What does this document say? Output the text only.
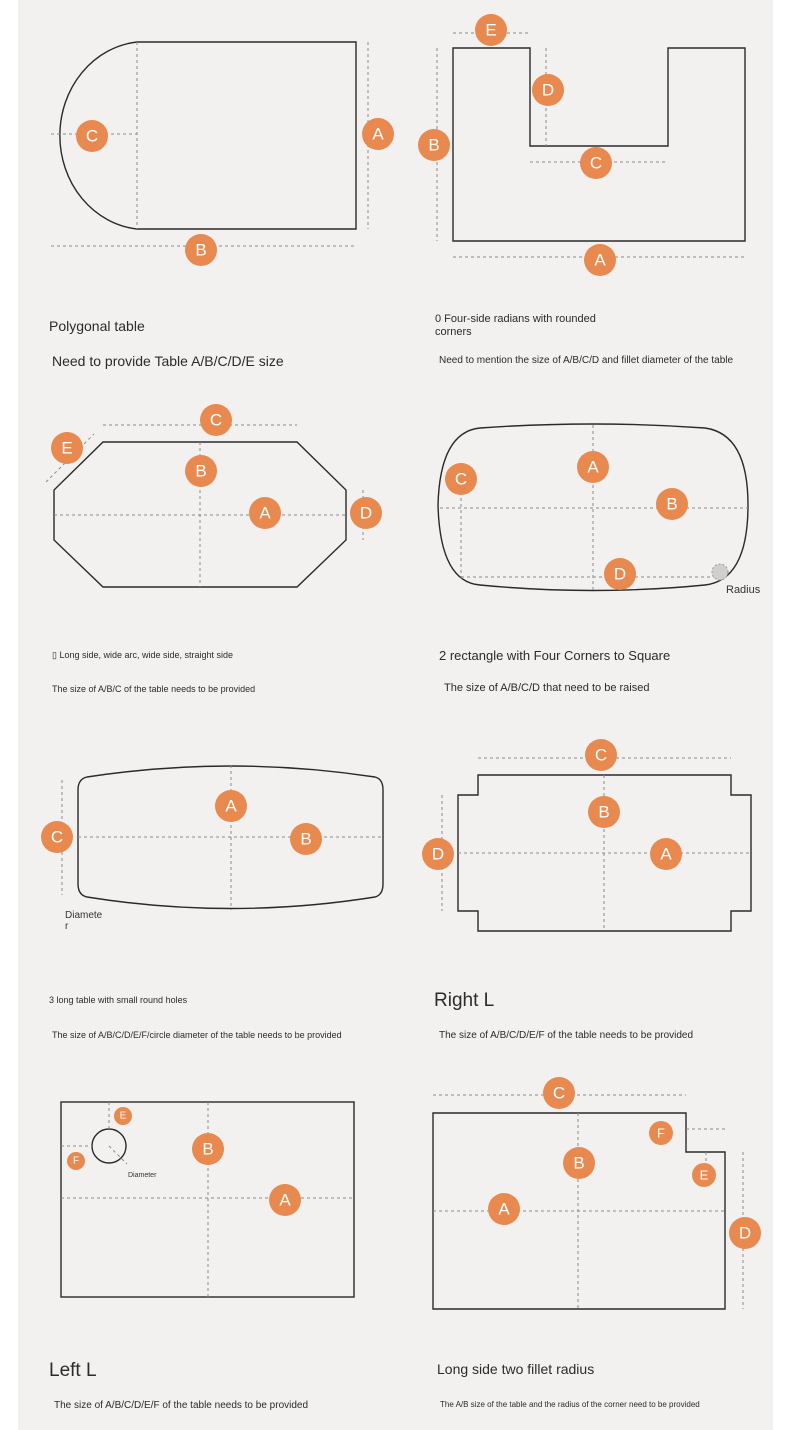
C	A
B
E
D
B
C
A
C
E
B
A	D
A
C
B
D
A
C	B
C
B
D	A
E
B
F
A
C
F
B
E
A
D
Radius
Diamete
r
Diameter
Polygonal table
Need to provide Table A/B/C/D/E size
0 Four-side radians with rounded corners
Need to mention the size of A/B/C/D and fillet diameter of the table
▯ Long side, wide arc, wide side, straight side
The size of A/B/C of the table needs to be provided
2 rectangle with Four Corners to Square
The size of A/B/C/D that need to be raised
3 long table with small round holes
The size of A/B/C/D/E/F/circle diameter of the table needs to be provided
Right L
The size of A/B/C/D/E/F of the table needs to be provided
Left L
The size of A/B/C/D/E/F of the table needs to be provided
Long side two fillet radius
The A/B size of the table and the radius of the corner need to be provided
